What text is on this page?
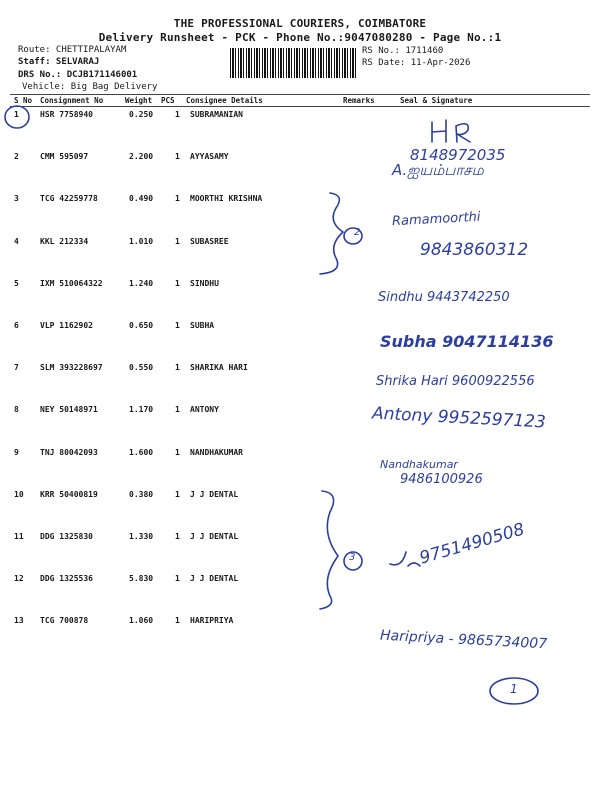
THE PROFESSIONAL COURIERS, COIMBATORE
Delivery Runsheet - PCK - Phone No.:9047080280 - Page No.:1
Route: CHETTIPALAYAM
Staff: SELVARAJ
DRS No.: DCJB171146001
Vehicle: Big Bag Delivery
RS No.: 1711460
RS Date: 11-Apr-2026
S No Consignment No	Weight PCS Consignee Details	Remarks	Seal & Signature
1	HSR 7758940	0.250	1 SUBRAMANIAN
2	CMM 595097	2.200	1 AYYASAMY
3	TCG 42259778	0.490	1 MOORTHI KRISHNA
4	KKL 212334	1.010	1 SUBASREE
5	IXM 510064322	1.240	1 SINDHU
6	VLP 1162902	0.650	1 SUBHA
7	SLM 393228697	0.550	1 SHARIKA HARI
8	NEY 50148971	1.170	1 ANTONY
9	TNJ 80042093	1.600	1 NANDHAKUMAR
10 KRR 50400819	0.380	1 J J DENTAL
11 DDG 1325830	1.330	1 J J DENTAL
12 DDG 1325536	5.830	1 J J DENTAL
13 TCG 700878	1.060	1 HARIPRIYA
2
3
1
8148972035
A.ஐயம்பாசம
Ramamoorthi
9843860312
Sindhu 9443742250
Subha 9047114136
Shrika Hari 9600922556
Antony 9952597123
Nandhakumar
9486100926
9751490508
Haripriya - 9865734007
